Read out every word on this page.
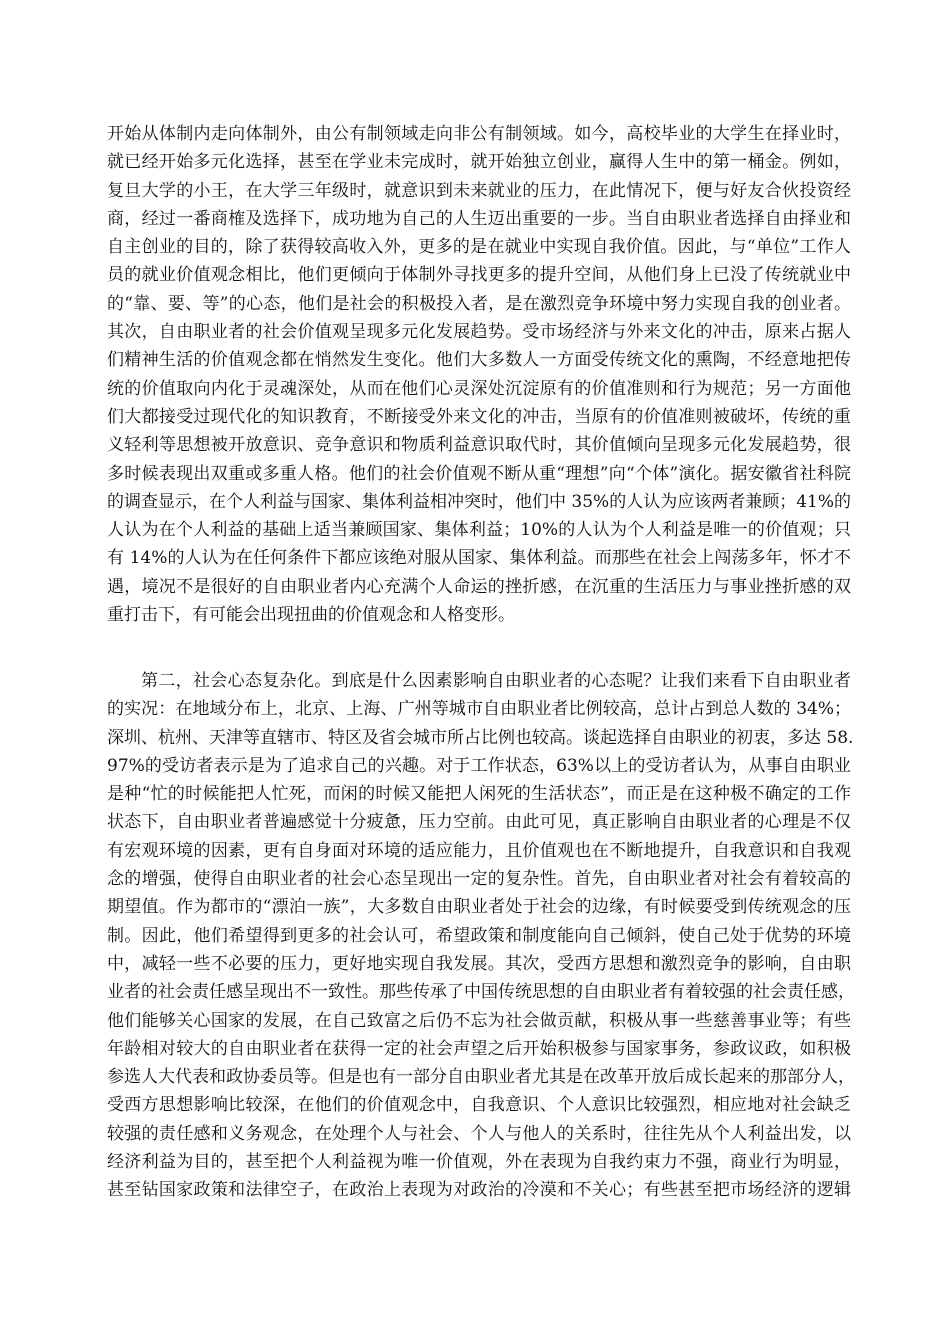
开始从体制内走向体制外，由公有制领域走向非公有制领域。如今，高校毕业的大学生在择业时，
就已经开始多元化选择，甚至在学业未完成时，就开始独立创业，赢得人生中的第一桶金。例如，
复旦大学的小王，在大学三年级时，就意识到未来就业的压力，在此情况下，便与好友合伙投资经
商，经过一番商榷及选择下，成功地为自己的人生迈出重要的一步。当自由职业者选择自由择业和
自主创业的目的，除了获得较高收入外，更多的是在就业中实现自我价值。因此，与“单位”工作人
员的就业价值观念相比，他们更倾向于体制外寻找更多的提升空间，从他们身上已没了传统就业中
的“靠、要、等”的心态，他们是社会的积极投入者，是在激烈竞争环境中努力实现自我的创业者。
其次，自由职业者的社会价值观呈现多元化发展趋势。受市场经济与外来文化的冲击，原来占据人
们精神生活的价值观念都在悄然发生变化。他们大多数人一方面受传统文化的熏陶，不经意地把传
统的价值取向内化于灵魂深处，从而在他们心灵深处沉淀原有的价值准则和行为规范；另一方面他
们大都接受过现代化的知识教育，不断接受外来文化的冲击，当原有的价值准则被破坏，传统的重
义轻利等思想被开放意识、竞争意识和物质利益意识取代时，其价值倾向呈现多元化发展趋势，很
多时候表现出双重或多重人格。他们的社会价值观不断从重“理想”向“个体”演化。据安徽省社科院
的调查显示，在个人利益与国家、集体利益相冲突时，他们中 35%的人认为应该两者兼顾；41%的
人认为在个人利益的基础上适当兼顾国家、集体利益；10%的人认为个人利益是唯一的价值观；只
有 14%的人认为在任何条件下都应该绝对服从国家、集体利益。而那些在社会上闯荡多年，怀才不
遇，境况不是很好的自由职业者内心充满个人命运的挫折感，在沉重的生活压力与事业挫折感的双
重打击下，有可能会出现扭曲的价值观念和人格变形。
第二，社会心态复杂化。到底是什么因素影响自由职业者的心态呢？让我们来看下自由职业者
的实况：在地域分布上，北京、上海、广州等城市自由职业者比例较高，总计占到总人数的 34%；
深圳、杭州、天津等直辖市、特区及省会城市所占比例也较高。谈起选择自由职业的初衷，多达 58.
97%的受访者表示是为了追求自己的兴趣。对于工作状态，63%以上的受访者认为，从事自由职业
是种“忙的时候能把人忙死，而闲的时候又能把人闲死的生活状态”，而正是在这种极不确定的工作
状态下，自由职业者普遍感觉十分疲惫，压力空前。由此可见，真正影响自由职业者的心理是不仅
有宏观环境的因素，更有自身面对环境的适应能力，且价值观也在不断地提升，自我意识和自我观
念的增强，使得自由职业者的社会心态呈现出一定的复杂性。首先，自由职业者对社会有着较高的
期望值。作为都市的“漂泊一族”，大多数自由职业者处于社会的边缘，有时候要受到传统观念的压
制。因此，他们希望得到更多的社会认可，希望政策和制度能向自己倾斜，使自己处于优势的环境
中，减轻一些不必要的压力，更好地实现自我发展。其次，受西方思想和激烈竞争的影响，自由职
业者的社会责任感呈现出不一致性。那些传承了中国传统思想的自由职业者有着较强的社会责任感，
他们能够关心国家的发展，在自己致富之后仍不忘为社会做贡献，积极从事一些慈善事业等；有些
年龄相对较大的自由职业者在获得一定的社会声望之后开始积极参与国家事务，参政议政，如积极
参选人大代表和政协委员等。但是也有一部分自由职业者尤其是在改革开放后成长起来的那部分人，
受西方思想影响比较深，在他们的价值观念中，自我意识、个人意识比较强烈，相应地对社会缺乏
较强的责任感和义务观念，在处理个人与社会、个人与他人的关系时，往往先从个人利益出发，以
经济利益为目的，甚至把个人利益视为唯一价值观，外在表现为自我约束力不强，商业行为明显，
甚至钻国家政策和法律空子，在政治上表现为对政治的冷漠和不关心；有些甚至把市场经济的逻辑
